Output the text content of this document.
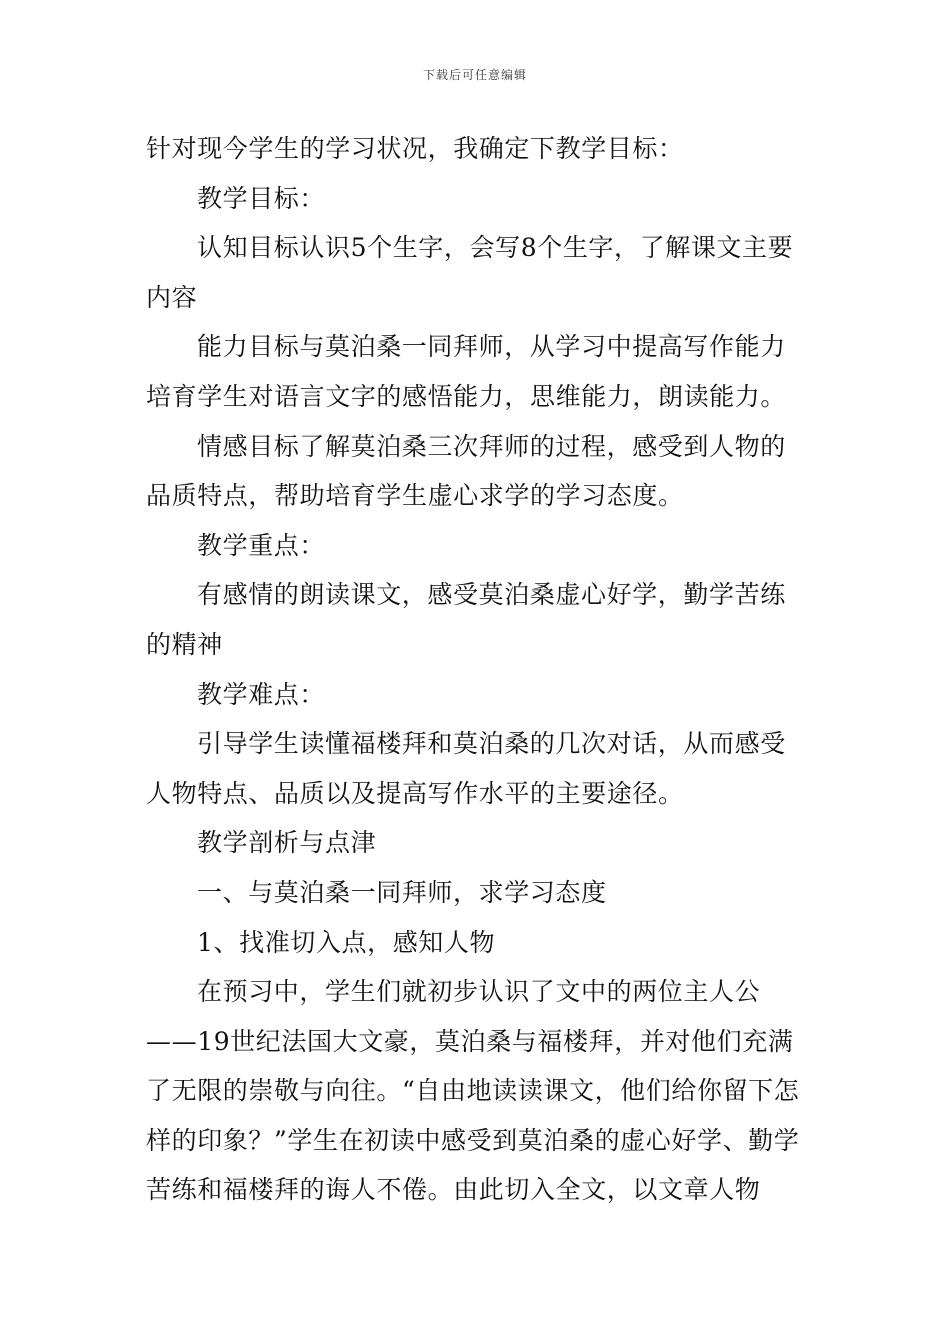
下载后可任意编辑

针对现今学生的学习状况，我确定下教学目标：

教学目标：

认知目标认识5个生字，会写8个生字，了解课文主要内容

能力目标与莫泊桑一同拜师，从学习中提高写作能力培育学生对语言文字的感悟能力，思维能力，朗读能力。

情感目标了解莫泊桑三次拜师的过程，感受到人物的品质特点，帮助培育学生虚心求学的学习态度。

教学重点：

有感情的朗读课文，感受莫泊桑虚心好学，勤学苦练的精神

教学难点：

引导学生读懂福楼拜和莫泊桑的几次对话，从而感受人物特点、品质以及提高写作水平的主要途径。

教学剖析与点津

一、与莫泊桑一同拜师，求学习态度

1、找准切入点，感知人物

在预习中，学生们就初步认识了文中的两位主人公——19世纪法国大文豪，莫泊桑与福楼拜，并对他们充满了无限的崇敬与向往。“自由地读读课文，他们给你留下怎样的印象？”学生在初读中感受到莫泊桑的虚心好学、勤学苦练和福楼拜的诲人不倦。由此切入全文，以文章人物
